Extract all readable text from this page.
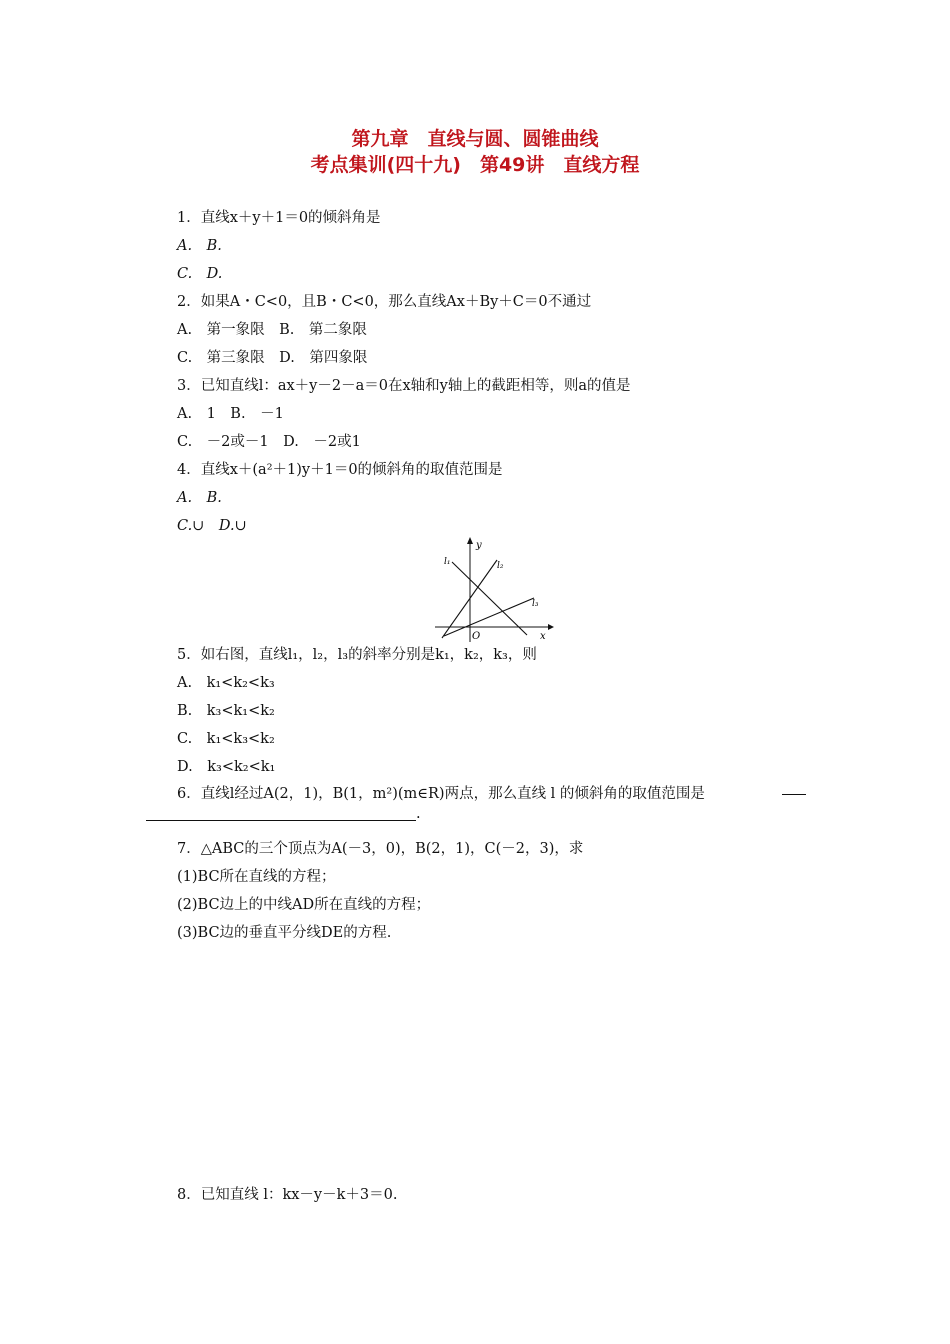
第九章　直线与圆、圆锥曲线
考点集训(四十九)　第49讲　直线方程
1．直线x＋y＋1＝0的倾斜角是
A.　B.
C.　D.
2．如果A・C<0，且B・C<0，那么直线Ax＋By＋C＝0不通过
A.　第一象限　B.　第二象限
C.　第三象限　D.　第四象限
3．已知直线l：ax＋y－2－a＝0在x轴和y轴上的截距相等，则a的值是
A.　1　B.　－1
C.　－2或－1　D.　－2或1
4．直线x＋(a²＋1)y＋1＝0的倾斜角的取值范围是
A.　B.
C.∪　D.∪
y
x
O
l₁	l₂
l₃
5．如右图，直线l₁，l₂，l₃的斜率分别是k₁，k₂，k₃，则
A.　k₁<k₂<k₃
B.　k₃<k₁<k₂
C.　k₁<k₃<k₂
D.　k₃<k₂<k₁
6．直线l经过A(2，1)，B(1，m²)(m∈R)两点，那么直线 l 的倾斜角的取值范围是
.
7．△ABC的三个顶点为A(－3，0)，B(2，1)，C(－2，3)，求
(1)BC所在直线的方程；
(2)BC边上的中线AD所在直线的方程；
(3)BC边的垂直平分线DE的方程.
8．已知直线 l：kx－y－k＋3＝0.
